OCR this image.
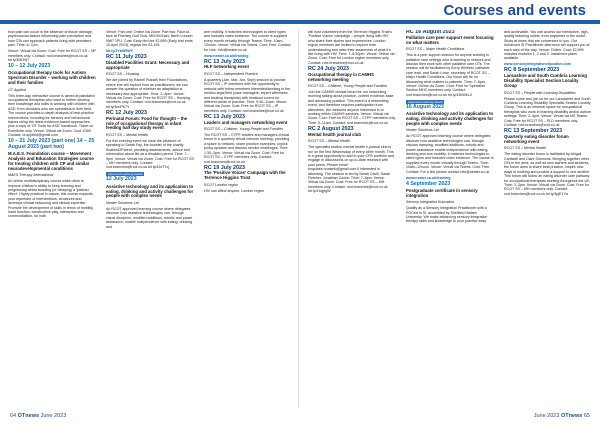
Courses and events

how pain can occur in the absence of tissue damage, psychosocial factors influencing pain perception and how OTs can approach patients living with persistent pain. Time: 6–7pm.

Venue: Virtual via Zoom. Cost: Free for RCOT SS – NP members only. Contact: rcot.branches@rcot.co.uk bit.ly/40fG9jT

10 – 12 July 2023

Occupational therapy tools for Autism Spectrum Disorder – working with children and their families

OT Applied

This three-day interactive course is aimed at paediatric occupational therapists who want to further develop their knowledge and skills in working with children with ASD, from clinicians who are specialists in their field. The course provides in-depth analysis of best practice interventions, including for sensory and behavioural issues using the latest evidence-based approaches, plus a copy of 'OT Tools for ASD' handbook. Ticket on Eventbrite only. Venue: Virtual via Zoom. Cost: £360. Contact: ot.applied@gmail.com

10 – 21 July 2023 (part one) 14 – 25 August 2023 (part two)

M.A.E.S. Foundation course – Movement Analysis and Education Strategies course for treating children with CP and similar neurodevelopmental conditions

MAES Therapy International

An online multidisciplinary course which aims to improve children's ability to keep learning and progressing whilst avoiding (or delaying) a 'plateau effect'. Highly practical in nature, this course expands your repertoire of interventions, structures and develops clinical reasoning and clinical expertise. Promote the development of skills in terms of mobility, hand function, constructive play, interaction and communication, for both

Venue: Part one: Online via Zoom. Part two: Face-to-face at Finchley Golf Club, Mill Hill East, North London NW7 1PU. Cost: Early bird fee £2,899 (Early bird ends 10 April 2023), regular fee £3,199.

bit.ly/3YbW5WY

RC 11 July 2023

Disabled Facilities Grant: Necessary and appropriate

RCOT SS – Housing

We are joined by Rachel Russell from Foundations, where she will explore how as practitioners, we can answer the question of whether an adaptation is necessary and appropriate. Time: 2–4pm. Venue: Virtual via Zoom. Cost: Free for RCOT SS – Housing members only. Contact: rcot.branches@rcot.co.uk bit.ly/3nnPK7Y

RC 12 July 2023

Perinatal Forum: Food for thought – the role of occupational therapy in infant feeding half day study event

RCOT SS – Mental Health

For this evening event we have the pleasure of speaking to Sarah Fay, the founder of the charity Enabled2Parent, providing assessments, advice and information about life as a disabled parent. Time: 7–9pm. Venue: Virtual via Zoom. Cost: Free for RCOT SS – MH members only. Contact: rcot.branches@rcot.co.uk bit.ly/42zT7vj

Approved Learning Award

12 July 2023

Assistive technology and its application to eating, drinking and activity challenges for people with complex needs

Neater Solutions Ltd

An RCOT approved learning course where delegates discover how assistive technologies can, through visual discipline, modified additions, robotic and power assistance, enable independence with eating, drinking and

arm mobility. It matches technologies to client types and includes video evidence. The course is supplied every month virtually through Teams. Time: 10am–12noon. Venue: Virtual via Teams. Cost: Free. Contact for Link: info@neater.co.uk

www.neater.co.uk/training

RC 13 July 2023

HLF networking event

RCOT SS – Independent Practice

A quarterly (Jan, Mar, Jun, Sept) session to provide RCOT SS – IP members with the opportunity to network with fellow members interested/working in the medico-legal field (case managers, expert witnesses and treating therapists) with breakout rooms for different areas of practice. Time: 9:30–11am. Venue: Virtual via Zoom. Cost: Free for RCOT SS – IP members only. Contact: rcot.branches@rcot.co.uk

RC 13 July 2023

Leaders and managers networking event

RCOT SS – Children, Young People and Families

The RCOT SS – CYPF leaders and managers clinical forum is a quarterly virtual network meeting, providing a space to network, share practice examples, unpick policy updates and discuss service challenges. Time: 1:30–3pm. Venue: Virtual via Zoom. Cost: Free for RCOT SS – CYPF members only. Contact: rcot.branches@rcot.co.uk

RC 19 July 2023

The 'Positive Voices' Campaign with the Terrence Higgins Trust

RCOT London region

HIV can affect anyone. London region

will host volunteers from the Terrence Higgins Trust's 'Positive Voices' campaign – people living with HIV who share their stories and experiences. London region members are invited to explore their understanding and raise their awareness of what it's like living with HIV. Time: 7–8:30pm. Venue: Online via Zoom. Cost: Free for London region members only. Contact: rcot.branches@rcot.co.uk

RC 24 July 2023

Occupational therapy in CAMHS networking meeting

RCOT SS – Children, Young People and Families

Join the CAMHS clinical forum for our networking morning talking about practice, current evidence-base and advancing practice. This event is a networking event, and therefore requires participation from attendees. We welcome anyone interested in or working within CAMHS services. Venue: Virtual via Zoom. Cost: Free for RCOT SS – CYPF members only. Time: 9–11am. Contact: rcot.branches@rcot.co.uk

RC 2 August 2023

Mental health journal club

RCOT SS – Mental Health

The specialist section mental health e-journal club is run on the first Wednesday of every other month. This is a great opportunity to add to your CPD portfolio and engage in discussions on up-to-date research with your peers. Please email enquiries.rcotsmh@gmail.com if interested in attending. The session is led by Sarah Cavill, Sarah Fletcher, Jonathan Cooke. Time: 7–8pm. Venue: Virtual via Zoom. Cost: Free for RCOT SS – MH members only. Contact: rcot.branches@rcot.co.uk bit.ly/41qjpgW

RC 16 August 2023

Palliative care peer support event focusing on what matters

RCOT SS – Major Health Conditions

This is a peer support session for anyone working in palliative care settings who is wanting to network and discuss their work with other palliative care OTs. The session will be facilitated by Kerry Winfield, palliative care lead, and Sarah Lowe, secretary of RCOT SS – Major Health Conditions. Our focus will be on discussing what matters to patients. Time: 7–8pm. Venue: Online via Zoom. Cost: Free for Specialist Section MHC members only. Contact: rcot.branches@rcot.co.uk bit.ly/43bWkLX

Approved Learning Award

16 August 2023

Assistive technology and its application to eating, drinking and activity challenges for people with complex needs

Neater Solutions Ltd

An RCOT approved learning course where delegates discover how assistive technologies can, through viscous damping, modified additions, robotic and power assistance enable independence with eating, drinking and arm mobility. It matches technologies to client types and includes video evidence. The course is supplied every month virtually through Teams. Time: 10am–12noon. Venue: Virtual via Teams. Cost: Free. Contact: For a link please contact info@neater.co.uk

www.neater.co.uk/training

4 September 2023

Postgraduate certificate in sensory integration

Sensory Integration Education

Qualify as a Sensory Integration Practitioner with a PGCert in SI, accredited by Sheffield Hallam University. We make advancing sensory integration therapy skills and knowledge to your practice easy

and achievable. You can access our interactive, high-quality teaching online, from anywhere in the world. Study at times that are convenient to you. Our Advanced SI Practitioner afternoon will support you at each step of the way. Venue: Online. Cost: £2,999 includes modules 1, 2 and 3. Instalment plans available.

www.sensoryintegrationeducation.com

RC 8 September 2023

Lancashire and South Cumbria Learning Disability Specialist Section Locality Group

RCOT SS – People with Learning Disabilities

Please come and join us for our Lancashire and South Cumbria Learning Disability Specialist Section Locality Group. This is an informal space for occupational therapists who work in learning disability and/or autism settings. Time: 2–4pm. Venue: Virtual via MS Teams. Cost: Free for RCOT SS – PLD members only. Contact: rcot.branches@rcot.co.uk

RC 13 September 2023

Quarterly eating disorder forum networking event

RCOT SS – Mental Health

The eating disorder forum is facilitated by Abigail Cardwell and Clare Simmons. Bringing together other OTs in the area, as well as new starters and students, the forum aims to share best practice, inspire new ways of working and provide a support to one another. This forum will follow an eating disorder care pathway for occupational therapists working throughout the UK. Time: 2–3pm. Venue: Virtual via Zoom. Cost: Free for RCOT SS – MH members only. Contact: rcot.branches@rcot.co.uk bit.ly/3pjE1Ya

64 OTnews June 2023	June 2023 OTnews 65
